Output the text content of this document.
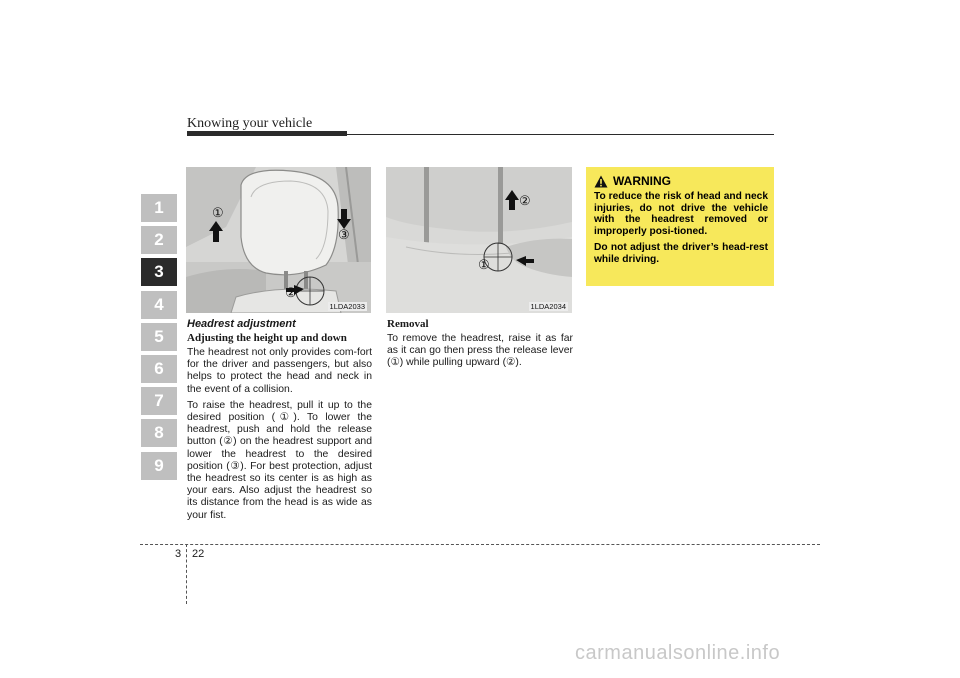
Knowing your vehicle
1
2
3
4
5
6
7
8
9
①
③
②
1LDA2033
②
①
1LDA2034
Headrest adjustment
Adjusting the height up and down

The headrest not only provides com-fort for the driver and passengers, but also helps to protect the head and neck in the event of a collision.

To raise the headrest, pull it up to the desired position (①). To lower the headrest, push and hold the release button (②) on the headrest support and lower the headrest to the desired position (③). For best protection, adjust the headrest so its center is as high as your ears. Also adjust the headrest so its distance from the head is as wide as your fist.

Removal

To remove the headrest, raise it as far as it can go then press the release lever (①) while pulling upward (②).

WARNING

To reduce the risk of head and neck injuries, do not drive the vehicle with the headrest removed or improperly posi-tioned.

Do not adjust the driver’s head-rest while driving.

3 22
carmanualsonline.info
